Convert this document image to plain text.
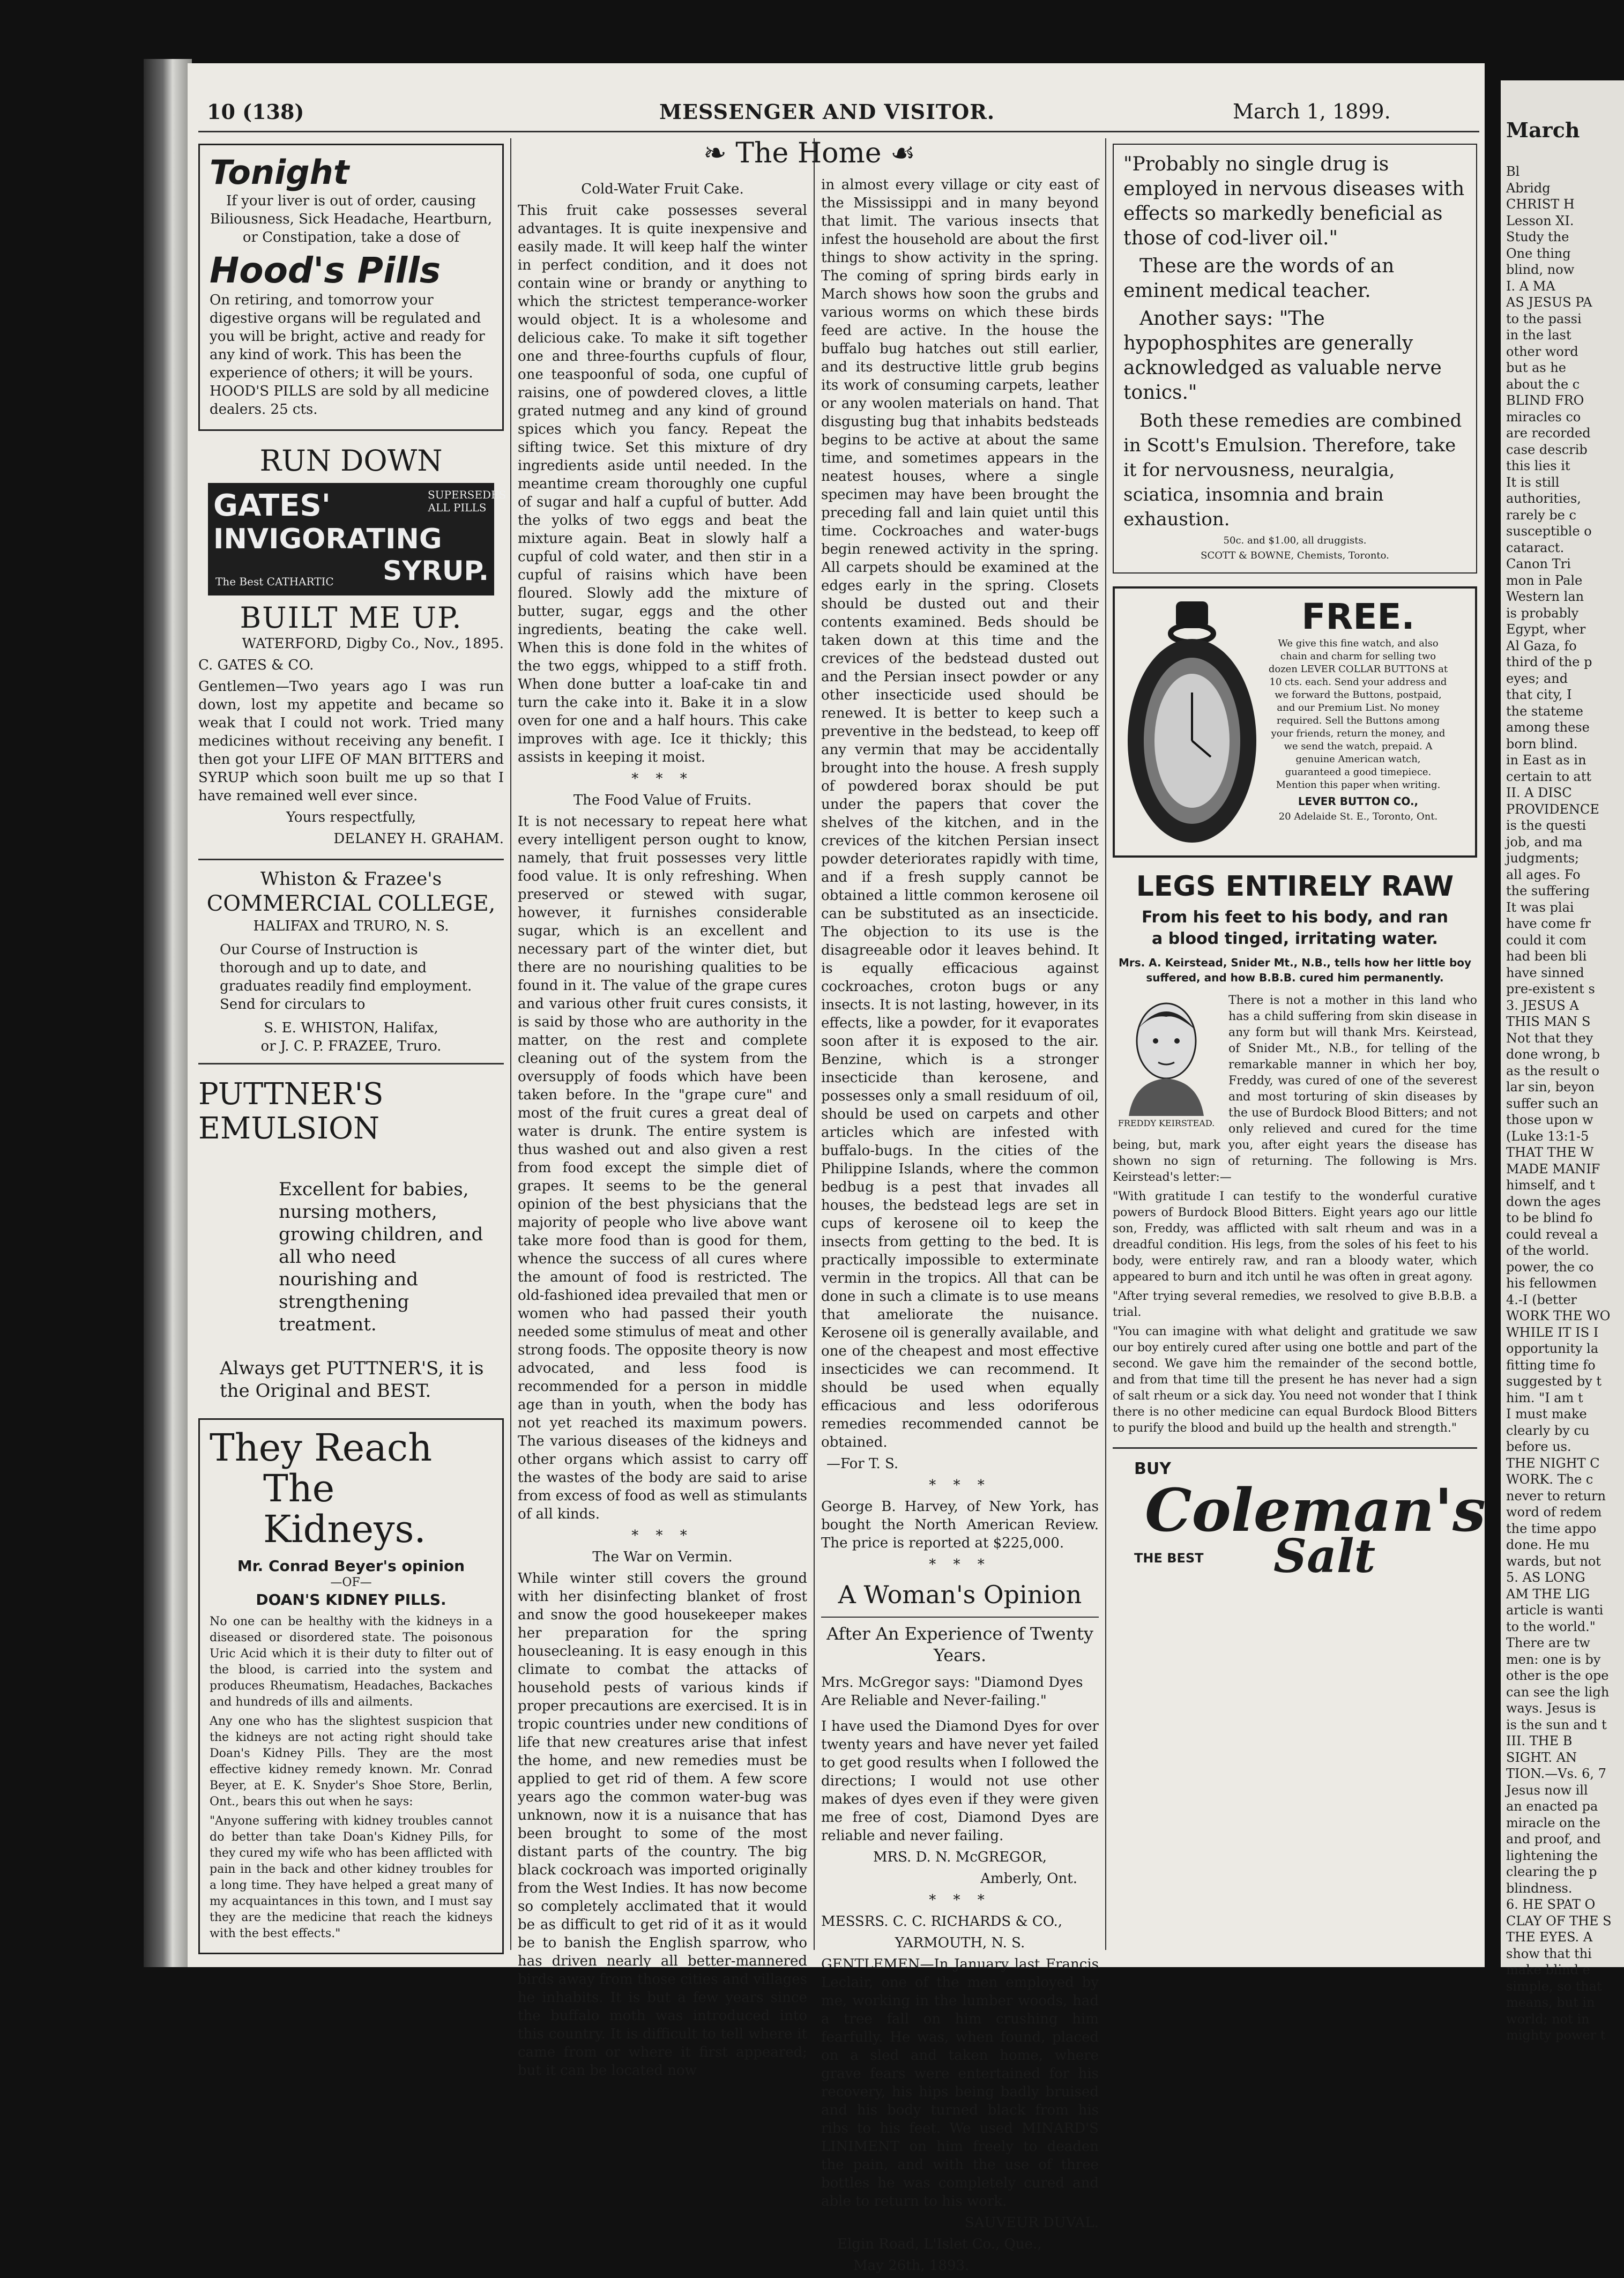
10 (138)	MESSENGER AND VISITOR.	March 1, 1899.
Tonight

If your liver is out of order, causing Biliousness, Sick Headache, Heartburn, or Constipation, take a dose of

Hood's Pills

On retiring, and tomorrow your digestive organs will be regulated and you will be bright, active and ready for any kind of work. This has been the experience of others; it will be yours. HOOD'S PILLS are sold by all medicine dealers. 25 cts.

RUN DOWN
GATES'
INVIGORATING
SYRUP.
SUPERSEDES ALL PILLS
The Best CATHARTIC
BUILT ME UP.

WATERFORD, Digby Co., Nov., 1895.

C. GATES & CO.

Gentlemen—Two years ago I was run down, lost my appetite and became so weak that I could not work. Tried many medicines without receiving any benefit. I then got your LIFE OF MAN BITTERS and SYRUP which soon built me up so that I have remained well ever since.

Yours respectfully,

DELANEY H. GRAHAM.

Whiston & Frazee's
COMMERCIAL COLLEGE,
HALIFAX and TRURO, N. S.

Our Course of Instruction is thorough and up to date, and graduates readily find employment. Send for circulars to

S. E. WHISTON, Halifax,
or J. C. P. FRAZEE, Truro.
PUTTNER'S
EMULSION

Excellent for babies, nursing mothers, growing children, and all who need nourishing and strengthening treatment.

Always get PUTTNER'S, it is the Original and BEST.

They Reach
The Kidneys.
Mr. Conrad Beyer's opinion
—OF—
DOAN'S KIDNEY PILLS.

No one can be healthy with the kidneys in a diseased or disordered state. The poisonous Uric Acid which it is their duty to filter out of the blood, is carried into the system and produces Rheumatism, Headaches, Backaches and hundreds of ills and ailments.

Any one who has the slightest suspicion that the kidneys are not acting right should take Doan's Kidney Pills. They are the most effective kidney remedy known. Mr. Conrad Beyer, at E. K. Snyder's Shoe Store, Berlin, Ont., bears this out when he says:

"Anyone suffering with kidney troubles cannot do better than take Doan's Kidney Pills, for they cured my wife who has been afflicted with pain in the back and other kidney troubles for a long time. They have helped a great many of my acquaintances in this town, and I must say they are the medicine that reach the kidneys with the best effects."

❧ The Home ☙
Cold-Water Fruit Cake.

This fruit cake possesses several advantages. It is quite inexpensive and easily made. It will keep half the winter in perfect condition, and it does not contain wine or brandy or anything to which the strictest temperance-worker would object. It is a wholesome and delicious cake. To make it sift together one and three-fourths cupfuls of flour, one teaspoonful of soda, one cupful of raisins, one of powdered cloves, a little grated nutmeg and any kind of ground spices which you fancy. Repeat the sifting twice. Set this mixture of dry ingredients aside until needed. In the meantime cream thoroughly one cupful of sugar and half a cupful of butter. Add the yolks of two eggs and beat the mixture again. Beat in slowly half a cupful of cold water, and then stir in a cupful of raisins which have been floured. Slowly add the mixture of butter, sugar, eggs and the other ingredients, beating the cake well. When this is done fold in the whites of the two eggs, whipped to a stiff froth. When done butter a loaf-cake tin and turn the cake into it. Bake it in a slow oven for one and a half hours. This cake improves with age. Ice it thickly; this assists in keeping it moist.

* * *
The Food Value of Fruits.

It is not necessary to repeat here what every intelligent person ought to know, namely, that fruit possesses very little food value. It is only refreshing. When preserved or stewed with sugar, however, it furnishes considerable sugar, which is an excellent and necessary part of the winter diet, but there are no nourishing qualities to be found in it. The value of the grape cures and various other fruit cures consists, it is said by those who are authority in the matter, on the rest and complete cleaning out of the system from the oversupply of foods which have been taken before. In the "grape cure" and most of the fruit cures a great deal of water is drunk. The entire system is thus washed out and also given a rest from food except the simple diet of grapes. It seems to be the general opinion of the best physicians that the majority of people who live above want take more food than is good for them, whence the success of all cures where the amount of food is restricted. The old-fashioned idea prevailed that men or women who had passed their youth needed some stimulus of meat and other strong foods. The opposite theory is now advocated, and less food is recommended for a person in middle age than in youth, when the body has not yet reached its maximum powers. The various diseases of the kidneys and other organs which assist to carry off the wastes of the body are said to arise from excess of food as well as stimulants of all kinds.

* * *
The War on Vermin.

While winter still covers the ground with her disinfecting blanket of frost and snow the good housekeeper makes her preparation for the spring housecleaning. It is easy enough in this climate to combat the attacks of household pests of various kinds if proper precautions are exercised. It is in tropic countries under new conditions of life that new creatures arise that infest the home, and new remedies must be applied to get rid of them. A few score years ago the common water-bug was unknown, now it is a nuisance that has been brought to some of the most distant parts of the country. The big black cockroach was imported originally from the West Indies. It has now become so completely acclimated that it would be as difficult to get rid of it as it would be to banish the English sparrow, who has driven nearly all better-mannered birds away from those cities and villages he inhabits. It is but a few years since the buffalo moth was introduced into this country. It is difficult to tell where it came from or where it first appeared; but it can be located now

in almost every village or city east of the Mississippi and in many beyond that limit. The various insects that infest the household are about the first things to show activity in the spring. The coming of spring birds early in March shows how soon the grubs and various worms on which these birds feed are active. In the house the buffalo bug hatches out still earlier, and its destructive little grub begins its work of consuming carpets, leather or any woolen materials on hand. That disgusting bug that inhabits bedsteads begins to be active at about the same time, and sometimes appears in the neatest houses, where a single specimen may have been brought the preceding fall and lain quiet until this time. Cockroaches and water-bugs begin renewed activity in the spring. All carpets should be examined at the edges early in the spring. Closets should be dusted out and their contents examined. Beds should be taken down at this time and the crevices of the bedstead dusted out and the Persian insect powder or any other insecticide used should be renewed. It is better to keep such a preventive in the bedstead, to keep off any vermin that may be accidentally brought into the house. A fresh supply of powdered borax should be put under the papers that cover the shelves of the kitchen, and in the crevices of the kitchen Persian insect powder deteriorates rapidly with time, and if a fresh supply cannot be obtained a little common kerosene oil can be substituted as an insecticide. The objection to its use is the disagreeable odor it leaves behind. It is equally efficacious against cockroaches, croton bugs or any insects. It is not lasting, however, in its effects, like a powder, for it evaporates soon after it is exposed to the air. Benzine, which is a stronger insecticide than kerosene, and possesses only a small residuum of oil, should be used on carpets and other articles which are infested with buffalo-bugs. In the cities of the Philippine Islands, where the common bedbug is a pest that invades all houses, the bedstead legs are set in cups of kerosene oil to keep the insects from getting to the bed. It is practically impossible to exterminate vermin in the tropics. All that can be done in such a climate is to use means that ameliorate the nuisance. Kerosene oil is generally available, and one of the cheapest and most effective insecticides we can recommend. It should be used when equally efficacious and less odoriferous remedies recommended cannot be obtained.

—For T. S.

* * *

George B. Harvey, of New York, has bought the North American Review. The price is reported at $225,000.

* * *
A Woman's Opinion
After An Experience of Twenty Years.

Mrs. McGregor says: "Diamond Dyes Are Reliable and Never-failing."

I have used the Diamond Dyes for over twenty years and have never yet failed to get good results when I followed the directions; I would not use other makes of dyes even if they were given me free of cost, Diamond Dyes are reliable and never failing.

MRS. D. N. McGREGOR,

Amberly, Ont.

* * *

MESSRS. C. C. RICHARDS & CO.,

YARMOUTH, N. S.

GENTLEMEN—In January last Francis Leclair, one of the men employed by me, working in the lumber woods, had a tree fall on him crushing him fearfully. He was, when found, placed on a sled and taken home, where grave fears were entertained for his recovery, his hips being badly bruised and his body turned black from his ribs to his feet. We used MINARD'S LINIMENT on him freely to deaden the pain, and with the use of three bottles he was completely cured and able to return to his work.

SAUVEUR DUVAL.

Elgin Road, L'Islet Co., Que.,

May 26th, 1893.

"Probably no single drug is employed in nervous diseases with effects so markedly beneficial as those of cod-liver oil."

These are the words of an eminent medical teacher.

Another says: "The hypophosphites are generally acknowledged as valuable nerve tonics."

Both these remedies are combined in Scott's Emulsion. Therefore, take it for nervousness, neuralgia, sciatica, insomnia and brain exhaustion.

50c. and $1.00, all druggists.

SCOTT & BOWNE, Chemists, Toronto.

FREE.

We give this fine watch, and also chain and charm for selling two dozen LEVER COLLAR BUTTONS at 10 cts. each. Send your address and we forward the Buttons, postpaid, and our Premium List. No money required. Sell the Buttons among your friends, return the money, and we send the watch, prepaid. A genuine American watch, guaranteed a good timepiece. Mention this paper when writing.

LEVER BUTTON CO.,

20 Adelaide St. E., Toronto, Ont.

LEGS ENTIRELY RAW
From his feet to his body, and ran a blood tinged, irritating water.
Mrs. A. Keirstead, Snider Mt., N.B., tells how her little boy suffered, and how B.B.B. cured him permanently.
FREDDY KEIRSTEAD.

There is not a mother in this land who has a child suffering from skin disease in any form but will thank Mrs. Keirstead, of Snider Mt., N.B., for telling of the remarkable manner in which her boy, Freddy, was cured of one of the severest and most torturing of skin diseases by the use of Burdock Blood Bitters; and not only relieved and cured for the time being, but, mark you, after eight years the disease has shown no sign of returning. The following is Mrs. Keirstead's letter:—

"With gratitude I can testify to the wonderful curative powers of Burdock Blood Bitters. Eight years ago our little son, Freddy, was afflicted with salt rheum and was in a dreadful condition. His legs, from the soles of his feet to his body, were entirely raw, and ran a bloody water, which appeared to burn and itch until he was often in great agony.

"After trying several remedies, we resolved to give B.B.B. a trial.

"You can imagine with what delight and gratitude we saw our boy entirely cured after using one bottle and part of the second. We gave him the remainder of the second bottle, and from that time till the present he has never had a sign of salt rheum or a sick day. You need not wonder that I think there is no other medicine can equal Burdock Blood Bitters to purify the blood and build up the health and strength."

BUY
Coleman's
THE BEST Salt
March
Bl
Abridg
CHRIST H
Lesson XI.
Study the
One thing
blind, now
I. A MA
AS JESUS PA
to the passi
in the last
other word
but as he
about the c
BLIND FRO
miracles co
are recorded
case describ
this lies it
It is still
authorities,
rarely be c
susceptible o
cataract.
Canon Tri
mon in Pale
Western lan
is probably
Egypt, wher
Al Gaza, fo
third of the p
eyes; and
that city, I
the stateme
among these
born blind.
in East as in
certain to att
II. A DISC
PROVIDENCE
is the questi
job, and ma
judgments;
all ages. Fo
the suffering
It was plai
have come fr
could it com
had been bli
have sinned
pre-existent s
3. JESUS A
THIS MAN S
Not that they
done wrong, b
as the result o
lar sin, beyon
suffer such an
those upon w
(Luke 13:1-5
THAT THE W
MADE MANIF
himself, and t
down the ages
to be blind fo
could reveal a
of the world.
power, the co
his fellowmen
4.-I (better
WORK THE WO
WHILE IT IS I
opportunity la
fitting time fo
suggested by t
him. "I am t
I must make
clearly by cu
before us.
THE NIGHT C
WORK. The c
never to return
word of redem
the time appo
done. He mu
wards, but not
5. AS LONG
AM THE LIG
article is wanti
to the world."
There are tw
men: one is by
other is the ope
can see the ligh
ways. Jesus is
is the sun and t
III. THE B
SIGHT. AN
TION.—Vs. 6, 7
Jesus now ill
an enacted pa
miracle on the
and proof, and
lightening the
clearing the p
blindness.
6. HE SPAT O
CLAY OF THE S
THE EYES. A
show that thi
make blind e
simple, so that
means, but in
world; not in
mighty power t
